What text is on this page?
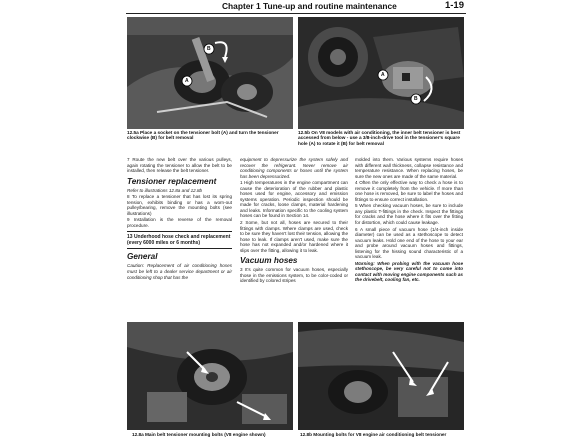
Chapter 1 Tune-up and routine maintenance	1-19
A
B
12.5a Place a socket on the tensioner bolt (A) and turn the tensioner clockwise (B) for belt removal
A
B
12.5b On V8 models with air conditioning, the inner belt tensioner is best accessed from below - use a 3/8-inch-drive tool in the tensioner's square hole (A) to rotate it (B) for belt removal

7 Route the new belt over the various pulleys, again rotating the tensioner to allow the belt to be installed, then release the belt tensioner.

Tensioner replacement

Refer to illustrations 12.8a and 12.8b

8 To replace a tensioner that has lost its spring tension, exhibits binding or has a worn-out pulley/bearing, remove the mounting bolts (see illustrations)

9 Installation is the reverse of the removal procedure.

13 Underhood hose check and replacement (every 6000 miles or 6 months)
General

Caution: Replacement of air conditioning hoses must be left to a dealer service department or air conditioning shop that has the

equipment to depressurize the system safely and recover the refrigerant. Never remove air conditioning components or hoses until the system has been depressurized.

1 High temperatures in the engine compartment can cause the deterioration of the rubber and plastic hoses used for engine, accessory and emission systems operation. Periodic inspection should be made for cracks, loose clamps, material hardening and leaks. Information specific to the cooling system hoses can be found in Section 14.

2 Some, but not all, hoses are secured to their fittings with clamps. Where clamps are used, check to be sure they haven't lost their tension, allowing the hose to leak. If clamps aren't used, make sure the hose has not expanded and/or hardened where it slips over the fitting, allowing it to leak.

Vacuum hoses

3 It's quite common for vacuum hoses, especially those in the emissions system, to be color-coded or identified by colored stripes

molded into them. Various systems require hoses with different wall thickness, collapse resistance and temperature resistance. When replacing hoses, be sure the new ones are made of the same material.

4 Often the only effective way to check a hose is to remove it completely from the vehicle. If more than one hose is removed, be sure to label the hoses and fittings to ensure correct installation.

5 When checking vacuum hoses, be sure to include any plastic T-fittings in the check. Inspect the fittings for cracks and the hose where it fits over the fitting for distortion, which could cause leakage.

6 A small piece of vacuum hose (1/4-inch inside diameter) can be used as a stethoscope to detect vacuum leaks. Hold one end of the hose to your ear and probe around vacuum hoses and fittings, listening for the hissing sound characteristic of a vacuum leak.

Warning: When probing with the vacuum hose stethoscope, be very careful not to come into contact with moving engine components such as the drivebelt, cooling fan, etc.

12.8a Main belt tensioner mounting bolts (V8 engine shown)	12.8b Mounting bolts for V8 engine air conditioning belt tensioner
